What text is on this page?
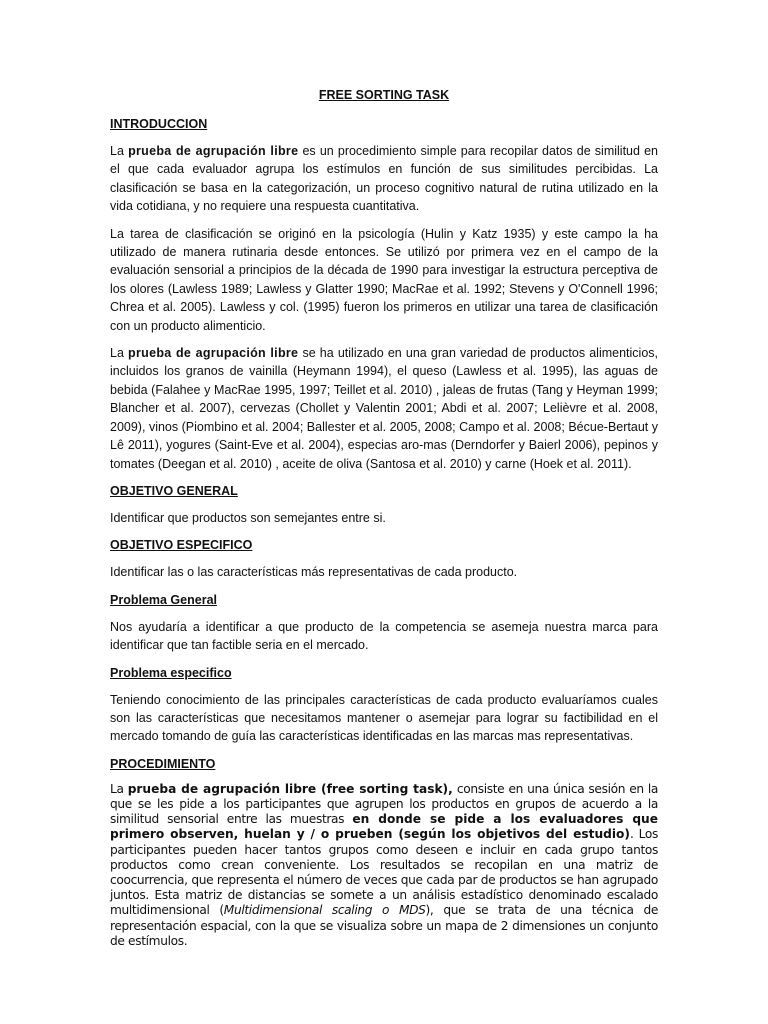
FREE SORTING TASK
INTRODUCCION

La prueba de agrupación libre es un procedimiento simple para recopilar datos de similitud en el que cada evaluador agrupa los estímulos en función de sus similitudes percibidas. La clasificación se basa en la categorización, un proceso cognitivo natural de rutina utilizado en la vida cotidiana, y no requiere una respuesta cuantitativa.

La tarea de clasificación se originó en la psicología (Hulin y Katz 1935) y este campo la ha utilizado de manera rutinaria desde entonces. Se utilizó por primera vez en el campo de la evaluación sensorial a principios de la década de 1990 para investigar la estructura perceptiva de los olores (Lawless 1989; Lawless y Glatter 1990; MacRae et al. 1992; Stevens y O'Connell 1996; Chrea et al. 2005). Lawless y col. (1995) fueron los primeros en utilizar una tarea de clasificación con un producto alimenticio.

La prueba de agrupación libre se ha utilizado en una gran variedad de productos alimenticios, incluidos los granos de vainilla (Heymann 1994), el queso (Lawless et al. 1995), las aguas de bebida (Falahee y MacRae 1995, 1997; Teillet et al. 2010) , jaleas de frutas (Tang y Heyman 1999; Blancher et al. 2007), cervezas (Chollet y Valentin 2001; Abdi et al. 2007; Lelièvre et al. 2008, 2009), vinos (Piombino et al. 2004; Ballester et al. 2005, 2008; Campo et al. 2008; Bécue-Bertaut y Lê 2011), yogures (Saint-Eve et al. 2004), especias aro-mas (Derndorfer y Baierl 2006), pepinos y tomates (Deegan et al. 2010) , aceite de oliva (Santosa et al. 2010) y carne (Hoek et al. 2011).

OBJETIVO GENERAL

Identificar que productos son semejantes entre si.

OBJETIVO ESPECIFICO

Identificar las o las características más representativas de cada producto.

Problema General

Nos ayudaría a identificar a que producto de la competencia se asemeja nuestra marca para identificar que tan factible seria en el mercado.

Problema especifico

Teniendo conocimiento de las principales características de cada producto evaluaríamos cuales son las características que necesitamos mantener o asemejar para lograr su factibilidad en el mercado tomando de guía las características identificadas en las marcas mas representativas.

PROCEDIMIENTO

La prueba de agrupación libre (free sorting task), consiste en una única sesión en la que se les pide a los participantes que agrupen los productos en grupos de acuerdo a la similitud sensorial entre las muestras en donde se pide a los evaluadores que primero observen, huelan y / o prueben (según los objetivos del estudio). Los participantes pueden hacer tantos grupos como deseen e incluir en cada grupo tantos productos como crean conveniente. Los resultados se recopilan en una matriz de coocurrencia, que representa el número de veces que cada par de productos se han agrupado juntos. Esta matriz de distancias se somete a un análisis estadístico denominado escalado multidimensional (Multidimensional scaling o MDS), que se trata de una técnica de representación espacial, con la que se visualiza sobre un mapa de 2 dimensiones un conjunto de estímulos.
